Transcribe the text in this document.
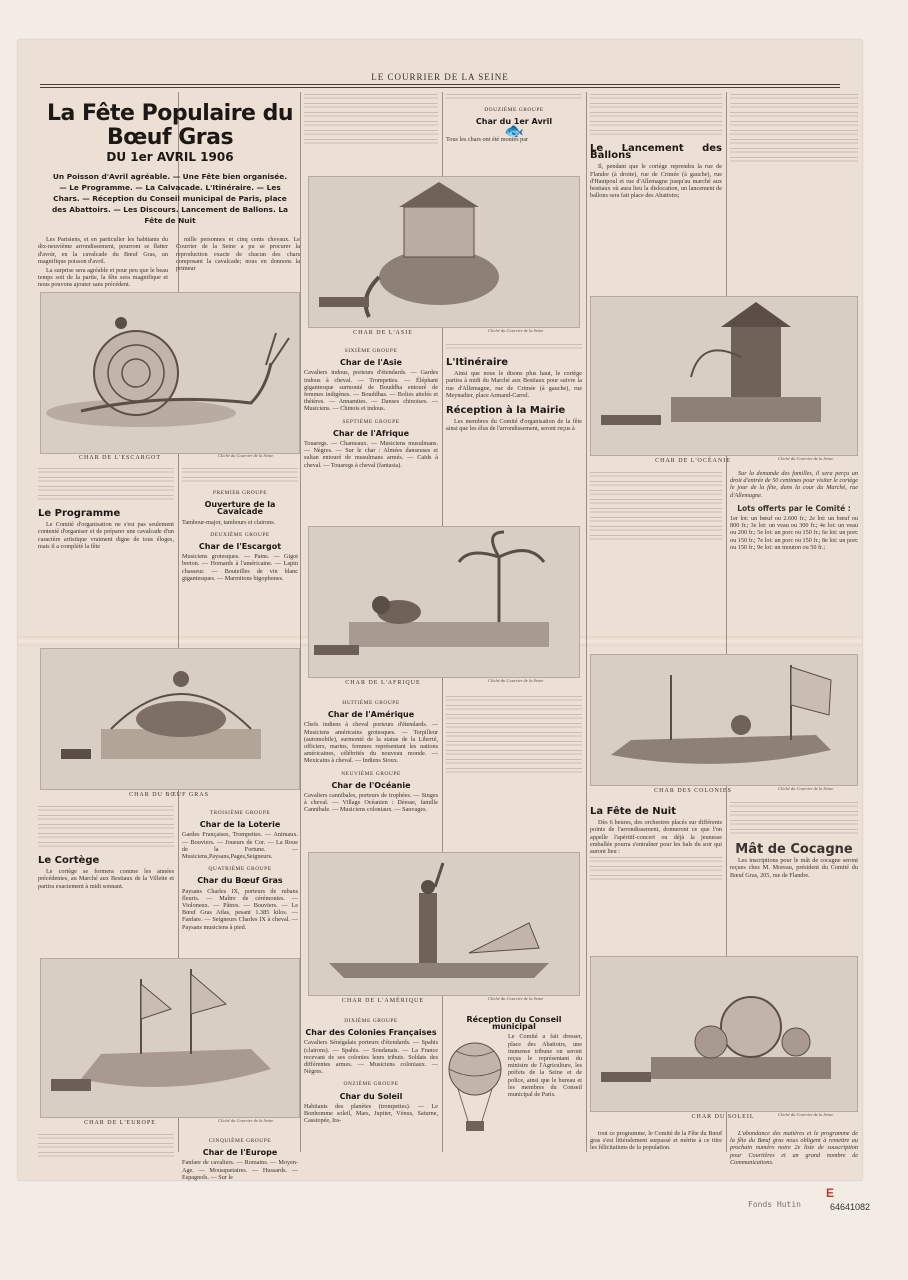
LE COURRIER DE LA SEINE
La Fête Populaire du Bœuf Gras
DU 1er AVRIL 1906
Un Poisson d'Avril agréable. — Une Fête bien organisée. — Le Programme. — La Calvacade. L'Itinéraire. — Les Chars. — Réception du Conseil municipal de Paris, place des Abattoirs. — Les Discours. Lancement de Ballons. La Fête de Nuit

Les Parisiens, et en particulier les habitants du dix-neuvième arrondissement, pourront se flatter d'avoir, en la cavalcade du Bœuf Gras, un magnifique poisson d'avril.

La surprise sera agréable et pour peu que le beau temps soit de la partie, la fête sera magnifique et nous pouvons ajouter sans précédent.

mille personnes et cinq cents chevaux. Le Courrier de la Seine a pu se procurer la reproduction exacte de chacun des chars composant la cavalcade; nous en donnons la primeur

CHAR DE L'ESCARGOT	Cliché du Courrier de la Seine
Le Programme

Le Comité d'organisation ne s'est pas seulement contenté d'organiser et de préparer une cavalcade d'un caractère artistique vraiment digne de tous éloges, mais il a complété la fête

PREMIER GROUPE
Ouverture de la Cavalcade

Tambour-major, tambours et clairons.

DEUXIÈME GROUPE
Char de l'Escargot

Musiciens grotesques. — Pains. — Gigot breton. — Homards à l'américaine. — Lapin chasseur. — Bouteilles de vin blanc gigantesques. — Marmitons bigophones.

CHAR DU BŒUF GRAS
Le Cortège

Le cortège se formera comme les années précédentes, au Marché aux Bestiaux de la Villette et partira exactement à midi sonnant.

TROISIÈME GROUPE
Char de la Loterie

Gardes Françaises, Trompettes. — Animaux. — Bouviers. — Joueurs de Cor. — La Roue de la Fortune. — Musiciens,Paysans,Pages,Seigneurs.

QUATRIÈME GROUPE
Char du Bœuf Gras

Paysans Charles IX, porteurs de rubans fleuris. — Maître de cérémonies. — Violoneux. — Pâtres. — Bouviers. — Le Bœuf Gras Atlas, pesant 1.385 kilos. — Fanfare. — Seigneurs Charles IX à cheval. — Paysans musiciens à pied.

CHAR DE L'EUROPE	Cliché du Courrier de la Seine
CINQUIÈME GROUPE
Char de l'Europe

Fanfare de cavaliers. — Romains. — Moyen-Age. — Mousquetaires. — Hussards. — Espagnols. — Sur le

DOUZIÈME GROUPE
Char du 1er Avril
🐟

Tous les chars ont été montés par

CHAR DE L'ASIE	Cliché du Courrier de la Seine
SIXIÈME GROUPE
Char de l'Asie

Cavaliers indous, porteurs d'étendards. — Gardes indous à cheval. — Trompettes. — Éléphant gigantesque surmonté de Bouddha entouré de femmes indigènes. — Bouddhas. — Bolies attelés et théières. — Annamites. — Danses chinoises. — Musiciens. — Chinois et indous.

SEPTIÈME GROUPE
Char de l'Afrique

Touaregs. — Chameaux. — Musiciens musulmans. — Nègres. — Sur le char : Almées danseuses et sultan entouré de musulmans armés. — Caïds à cheval. — Touaregs à cheval (fantasia).

L'Itinéraire

Ainsi que nous le disons plus haut, le cortège partira à midi du Marché aux Bestiaux pour suivre la rue d'Allemagne, rue de Crimée (à gauche), rue Meynadier, place Armand-Carrel.

Réception à la Mairie

Les membres du Comité d'organisation de la fête ainsi que les élus de l'arrondissement, seront reçus à

CHAR DE L'AFRIQUE	Cliché du Courrier de la Seine
HUITIÈME GROUPE
Char de l'Amérique

Chefs indiens à cheval porteurs d'étendards. — Musiciens américains grotesques. — Torpilleur (automobile), surmonté de la statue de la Liberté, officiers, marins, femmes représentant les nations américaines, célébrités du nouveau monde. — Mexicains à cheval. — Indiens Sioux.

NEUVIÈME GROUPE
Char de l'Océanie

Cavaliers cannibales, porteurs de trophées. — Singes à cheval. — Village Océanien : Déesse, famille Cannibale. — Musiciens coloniaux. — Sauvages.

CHAR DE L'AMÉRIQUE	Cliché du Courrier de la Seine
DIXIÈME GROUPE
Char des Colonies Françaises

Cavaliers Sénégalais porteurs d'étendards. — Spahis (clairons). — Spahis. — Soudanais. — La France recevant de ses colonies leurs tributs. Soldats des différentes armes. — Musiciens coloniaux. — Nègres.

ONZIÈME GROUPE
Char du Soleil

Habitants des planètes (trompettes). — Le Bonhomme soleil, Mars, Jupiter, Vénus, Saturne, Cassiopée, Ira-

Réception du Conseil municipal

Le Comité a fait dresser, place des Abattoirs, une immense tribune on seront reçus le représentant du ministre de l'Agriculture, les préfets de la Seine et de police, ainsi que le bureau et les membres du Conseil municipal de Paris.

Le Lancement des Ballons

Il, pendant que le cortège reprendra la rue de Flandre (à droite), rue de Crimée (à gauche), rue d'Hautpoul et rue d'Allemagne jusqu'au marché aux bestiaux où aura lieu la dislocation, un lancement de ballons sera fait place des Abattoirs;

CHAR DE L'OCÉANIE	Cliché du Courrier de la Seine

Sur la demande des familles, il sera perçu un droit d'entrée de 50 centimes pour visiter le cortège le jour de la fête, dans la cour du Marché, rue d'Allemagne.

Lots offerts par le Comité :

1er lot: un bœuf ou 2.600 fr.; 2e lot: un bœuf ou 800 fr.; 3e lot: un veau ou 300 fr.; 4e lot: un veau ou 200 fr.; 5e lot: un porc ou 150 fr.; 6e lot: un porc ou 150 fr.; 7e lot: un porc ou 150 fr.; 8e lot: un porc ou 150 fr.; 9e lot: un mouton ou 50 fr.;

CHAR DES COLONIES	Cliché du Courrier de la Seine
La Fête de Nuit

Dès 6 heures, des orchestres placés sur différents points de l'arrondissement, donneront ce que l'on appelle l'apéritif-concert ou déjà la jeunesse emballée pourra s'entraîner pour les bals du soir qui auront lieu :	Mât de Cocagne

Les inscriptions pour le mât de cocagne seront reçues chez M. Moreau, président du Comité du Bœuf Gras, 205, rue de Flandre.

CHAR DU SOLEIL	Cliché du Courrier de la Seine

tout ce programme, le Comité de la Fête du Bœuf gras s'est littéralement surpassé et mérite à ce titre les félicitations de la population.

L'abondance des matières et le programme de la fête du Bœuf gras nous obligent à remettre au prochain numéro notre 2e liste de souscription pour Courtières et un grand nombre de Communications.

E
Fonds Hutin	64641082
